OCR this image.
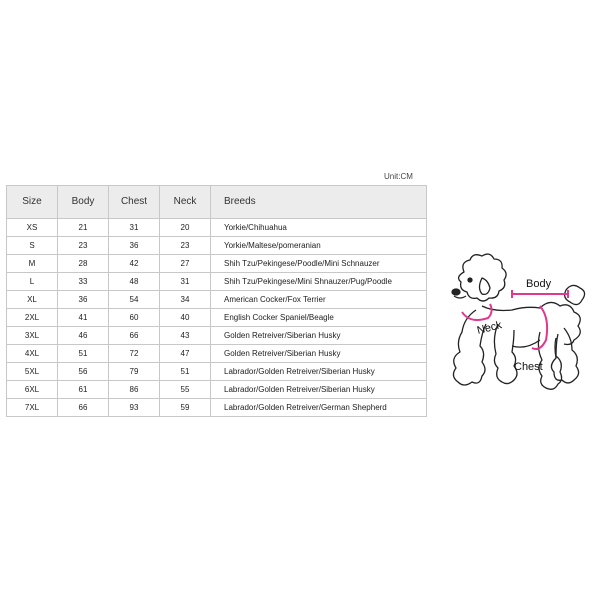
Unit:CM
Size	Body	Chest	Neck	Breeds
XS	21	31	20	Yorkie/Chihuahua
S	23	36	23	Yorkie/Maltese/pomeranian
M	28	42	27	Shih Tzu/Pekingese/Poodle/Mini Schnauzer
L	33	48	31	Shih Tzu/Pekingese/Mini Shnauzer/Pug/Poodle
XL	36	54	34	American Cocker/Fox Terrier
2XL	41	60	40	English Cocker Spaniel/Beagle
3XL	46	66	43	Golden Retreiver/Siberian Husky
4XL	51	72	47	Golden Retreiver/Siberian Husky
5XL	56	79	51	Labrador/Golden Retreiver/Siberian Husky
6XL	61	86	55	Labrador/Golden Retreiver/Siberian Husky
7XL	66	93	59	Labrador/Golden Retreiver/German Shepherd
Body
Neck
Chest
